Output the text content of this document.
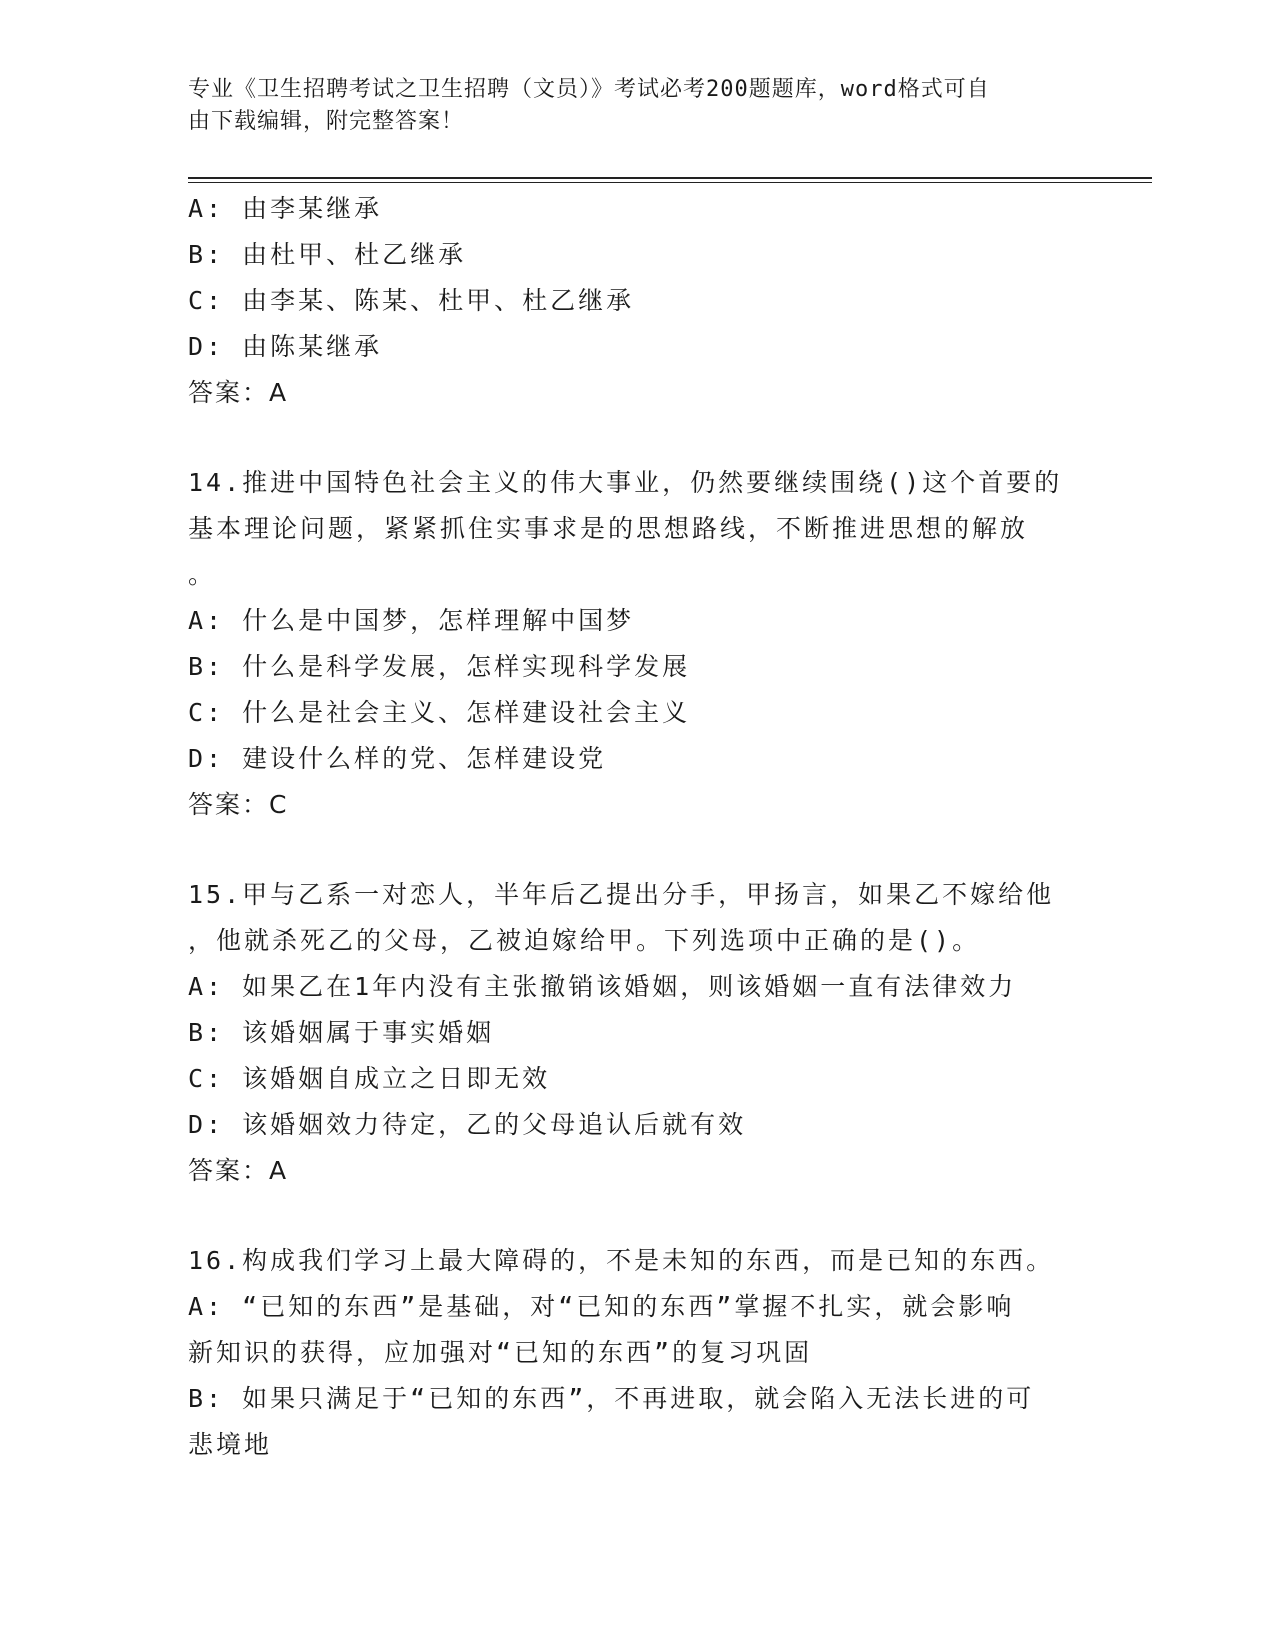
专业《卫生招聘考试之卫生招聘（文员）》考试必考200题题库，word格式可自
由下载编辑，附完整答案！
A: 由李某继承
B: 由杜甲、杜乙继承
C: 由李某、陈某、杜甲、杜乙继承
D: 由陈某继承
答案：A
14.推进中国特色社会主义的伟大事业，仍然要继续围绕()这个首要的
基本理论问题，紧紧抓住实事求是的思想路线，不断推进思想的解放
。
A: 什么是中国梦，怎样理解中国梦
B: 什么是科学发展，怎样实现科学发展
C: 什么是社会主义、怎样建设社会主义
D: 建设什么样的党、怎样建设党
答案：C
15.甲与乙系一对恋人，半年后乙提出分手，甲扬言，如果乙不嫁给他
，他就杀死乙的父母，乙被迫嫁给甲。下列选项中正确的是()。
A: 如果乙在1年内没有主张撤销该婚姻，则该婚姻一直有法律效力
B: 该婚姻属于事实婚姻
C: 该婚姻自成立之日即无效
D: 该婚姻效力待定，乙的父母追认后就有效
答案：A
16.构成我们学习上最大障碍的，不是未知的东西，而是已知的东西。
A: “已知的东西”是基础，对“已知的东西”掌握不扎实，就会影响
新知识的获得，应加强对“已知的东西”的复习巩固
B: 如果只满足于“已知的东西”，不再进取，就会陷入无法长进的可
悲境地
